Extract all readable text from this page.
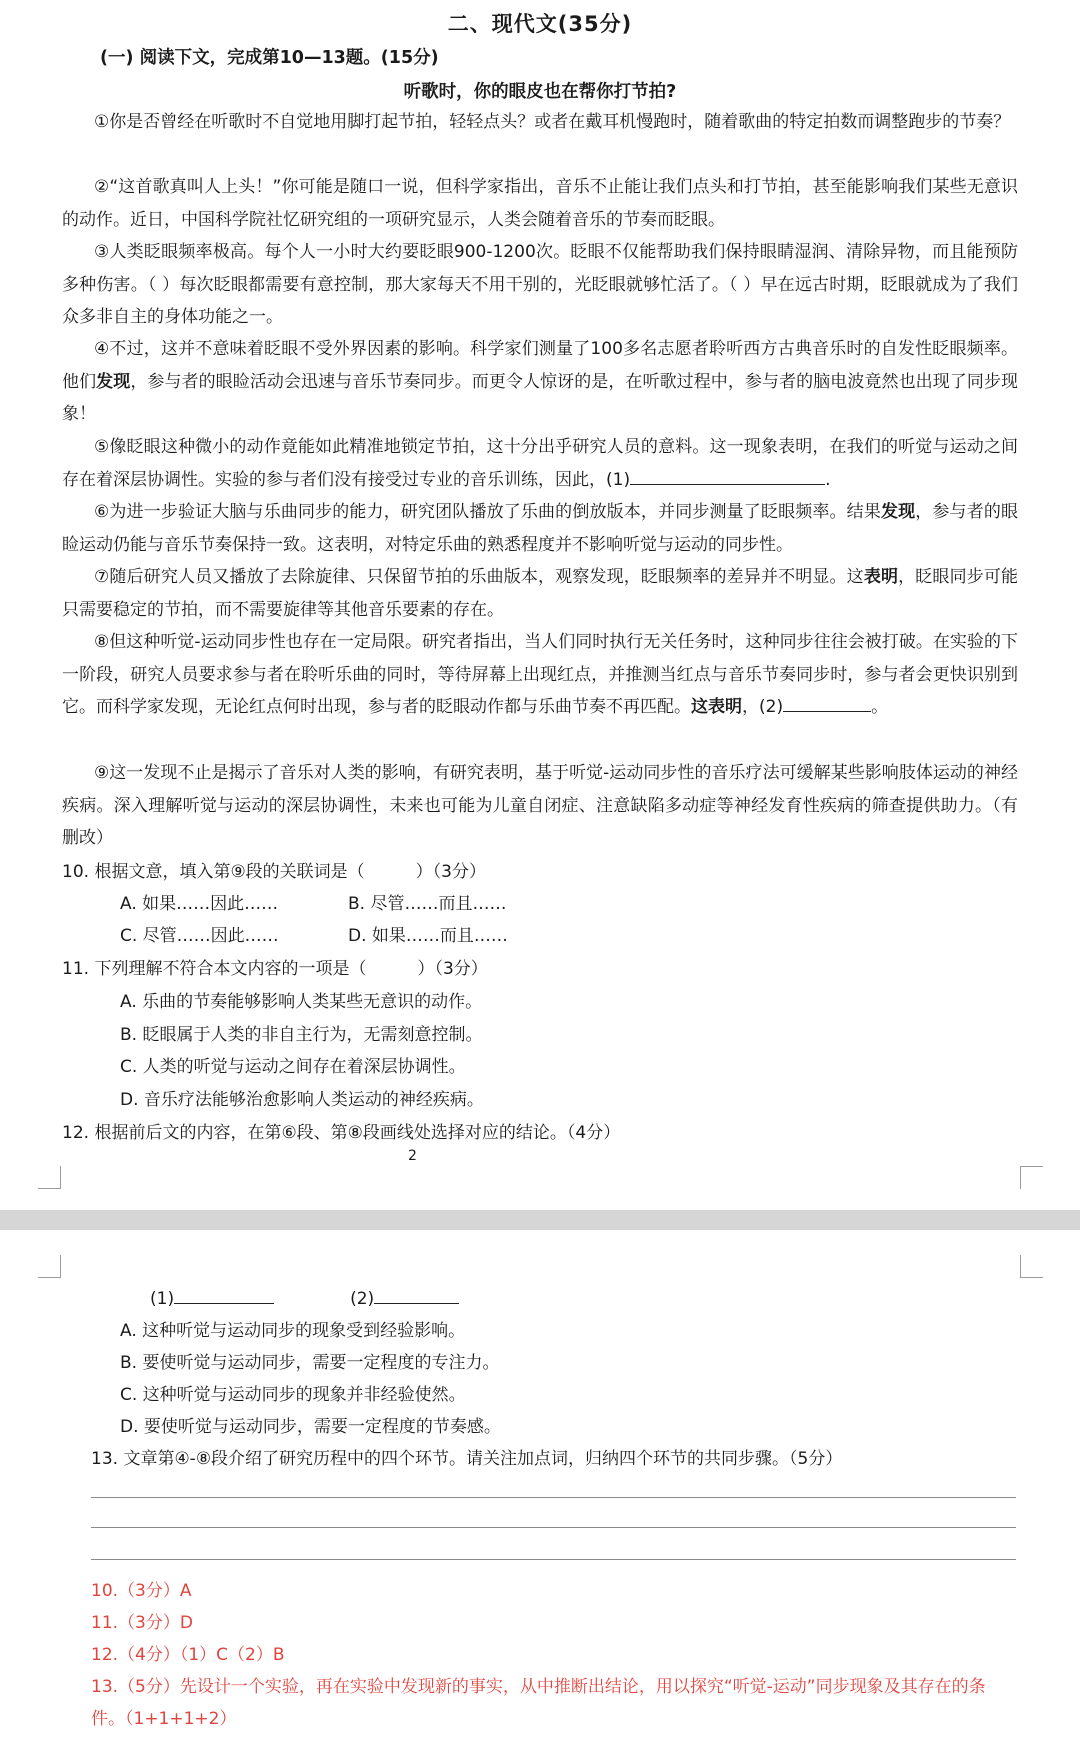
二、现代文(35分)
(一) 阅读下文，完成第10—13题。(15分)
听歌时，你的眼皮也在帮你打节拍?

①你是否曾经在听歌时不自觉地用脚打起节拍，轻轻点头？或者在戴耳机慢跑时，随着歌曲的特定拍数而调整跑步的节奏？

②“这首歌真叫人上头！”你可能是随口一说，但科学家指出，音乐不止能让我们点头和打节拍，甚至能影响我们某些无意识的动作。近日，中国科学院社忆研究组的一项研究显示，人类会随着音乐的节奏而眨眼。

③人类眨眼频率极高。每个人一小时大约要眨眼900-1200次。眨眼不仅能帮助我们保持眼睛湿润、清除异物，而且能预防多种伤害。（ ）每次眨眼都需要有意控制，那大家每天不用干别的，光眨眼就够忙活了。（ ）早在远古时期，眨眼就成为了我们众多非自主的身体功能之一。

④不过，这并不意味着眨眼不受外界因素的影响。科学家们测量了100多名志愿者聆听西方古典音乐时的自发性眨眼频率。他们发现，参与者的眼睑活动会迅速与音乐节奏同步。而更令人惊讶的是，在听歌过程中，参与者的脑电波竟然也出现了同步现象！

⑤像眨眼这种微小的动作竟能如此精准地锁定节拍，这十分出乎研究人员的意料。这一现象表明，在我们的听觉与运动之间存在着深层协调性。实验的参与者们没有接受过专业的音乐训练，因此，(1)	.

⑥为进一步验证大脑与乐曲同步的能力，研究团队播放了乐曲的倒放版本，并同步测量了眨眼频率。结果发现，参与者的眼睑运动仍能与音乐节奏保持一致。这表明，对特定乐曲的熟悉程度并不影响听觉与运动的同步性。

⑦随后研究人员又播放了去除旋律、只保留节拍的乐曲版本，观察发现，眨眼频率的差异并不明显。这表明，眨眼同步可能只需要稳定的节拍，而不需要旋律等其他音乐要素的存在。

⑧但这种听觉-运动同步性也存在一定局限。研究者指出，当人们同时执行无关任务时，这种同步往往会被打破。在实验的下一阶段，研究人员要求参与者在聆听乐曲的同时，等待屏幕上出现红点，并推测当红点与音乐节奏同步时，参与者会更快识别到它。而科学家发现，无论红点何时出现，参与者的眨眼动作都与乐曲节奏不再匹配。这表明，(2)	。

⑨这一发现不止是揭示了音乐对人类的影响，有研究表明，基于听觉-运动同步性的音乐疗法可缓解某些影响肢体运动的神经疾病。深入理解听觉与运动的深层协调性，未来也可能为儿童自闭症、注意缺陷多动症等神经发育性疾病的筛查提供助力。（有删改）

10. 根据文意，填入第⑨段的关联词是（　　　）（3分）
A. 如果……因此……	B. 尽管……而且……
C. 尽管……因此……	D. 如果……而且……
11. 下列理解不符合本文内容的一项是（　　　）（3分）
A. 乐曲的节奏能够影响人类某些无意识的动作。
B. 眨眼属于人类的非自主行为，无需刻意控制。
C. 人类的听觉与运动之间存在着深层协调性。
D. 音乐疗法能够治愈影响人类运动的神经疾病。
12. 根据前后文的内容，在第⑥段、第⑧段画线处选择对应的结论。（4分）
2
(1)	(2)
A. 这种听觉与运动同步的现象受到经验影响。
B. 要使听觉与运动同步，需要一定程度的专注力。
C. 这种听觉与运动同步的现象并非经验使然。
D. 要使听觉与运动同步，需要一定程度的节奏感。
13. 文章第④-⑧段介绍了研究历程中的四个环节。请关注加点词，归纳四个环节的共同步骤。（5分）
10.（3分）A
11.（3分）D
12.（4分）（1）C（2）B
13.（5分）先设计一个实验，再在实验中发现新的事实，从中推断出结论，用以探究“听觉-运动”同步现象及其存在的条件。（1+1+1+2）
